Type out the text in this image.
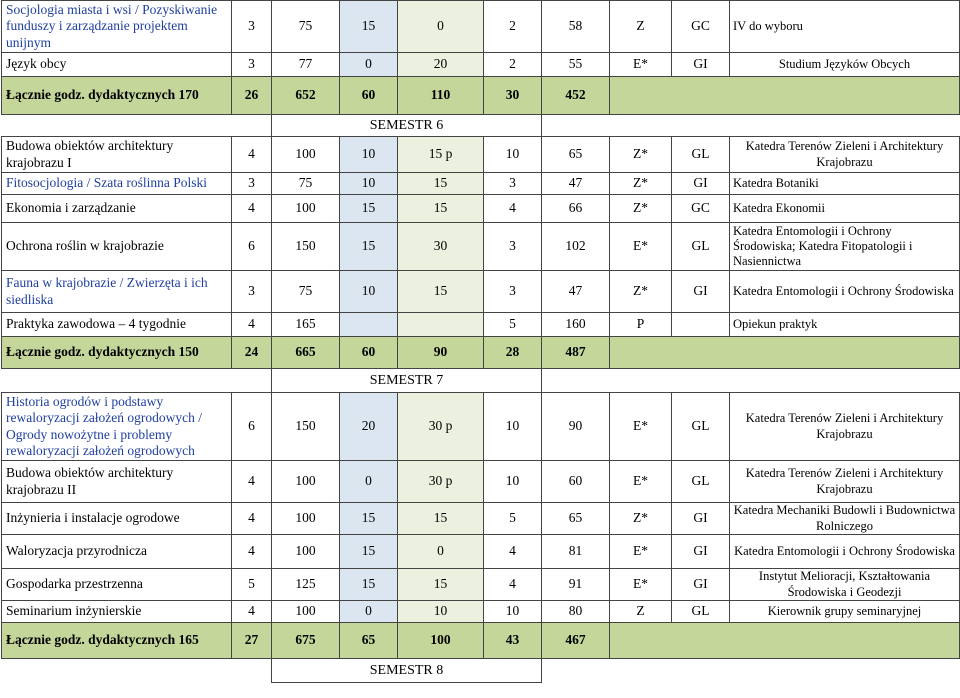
Socjologia miasta i wsi / Pozyskiwanie funduszy i zarządzanie projektem unijnym	3	75	15	0	2	58	Z	GC	IV do wyboru
Język obcy	3	77	0	20	2	55	E*	GI	Studium Języków Obcych
Łącznie godz. dydaktycznych 170	26	652	60	110	30	452			
		SEMESTR 6							
Budowa obiektów architektury krajobrazu I	4	100	10	15 p	10	65	Z*	GL	Katedra Terenów Zieleni i Architektury Krajobrazu
Fitosocjologia / Szata roślinna Polski	3	75	10	15	3	47	Z*	GI	Katedra Botaniki
Ekonomia i zarządzanie	4	100	15	15	4	66	Z*	GC	Katedra Ekonomii
Ochrona roślin w krajobrazie	6	150	15	30	3	102	E*	GL	Katedra Entomologii i Ochrony Środowiska; Katedra Fitopatologii i Nasiennictwa
Fauna w krajobrazie / Zwierzęta i ich siedliska	3	75	10	15	3	47	Z*	GI	Katedra Entomologii i Ochrony Środowiska
Praktyka zawodowa – 4 tygodnie	4	165			5	160	P		Opiekun praktyk
Łącznie godz. dydaktycznych 150	24	665	60	90	28	487			
		SEMESTR 7							
Historia ogrodów i podstawy rewaloryzacji założeń ogrodowych / Ogrody nowożytne i problemy rewaloryzacji założeń ogrodowych	6	150	20	30 p	10	90	E*	GL	Katedra Terenów Zieleni i Architektury Krajobrazu
Budowa obiektów architektury krajobrazu II	4	100	0	30 p	10	60	E*	GL	Katedra Terenów Zieleni i Architektury Krajobrazu
Inżynieria i instalacje ogrodowe	4	100	15	15	5	65	Z*	GI	Katedra Mechaniki Budowli i Budownictwa Rolniczego
Waloryzacja przyrodnicza	4	100	15	0	4	81	E*	GI	Katedra Entomologii i Ochrony Środowiska
Gospodarka przestrzenna	5	125	15	15	4	91	E*	GI	Instytut Melioracji, Kształtowania Środowiska i Geodezji
Seminarium inżynierskie	4	100	0	10	10	80	Z	GL	Kierownik grupy seminaryjnej
Łącznie godz. dydaktycznych 165	27	675	65	100	43	467			
		SEMESTR 8							
